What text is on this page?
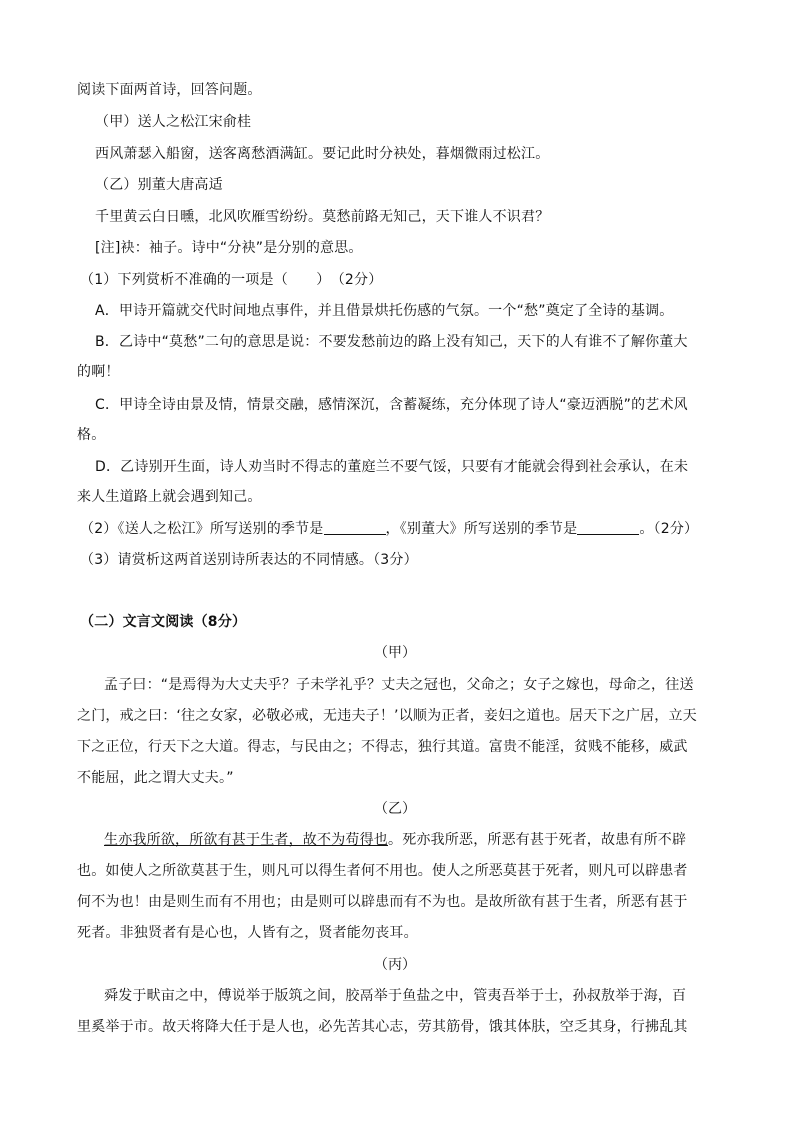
阅读下面两首诗，回答问题。
（甲）送人之松江宋俞桂
西风萧瑟入船窗，送客离愁酒满缸。要记此时分袂处，暮烟微雨过松江。
（乙）别董大唐高适
千里黄云白日曛，北风吹雁雪纷纷。莫愁前路无知己，天下谁人不识君？
[注]袂：袖子。诗中“分袂”是分别的意思。
（1）下列赏析不准确的一项是（　　）　（2分）
A．甲诗开篇就交代时间地点事件，并且借景烘托伤感的气氛。一个“愁”奠定了全诗的基调。
B．乙诗中“莫愁”二句的意思是说：不要发愁前边的路上没有知己，天下的人有谁不了解你董大
的啊！
C．甲诗全诗由景及情，情景交融，感情深沉，含蓄凝练，充分体现了诗人“豪迈洒脱”的艺术风
格。
D．乙诗别开生面，诗人劝当时不得志的董庭兰不要气馁，只要有才能就会得到社会承认，在未
来人生道路上就会遇到知己。
（2）《送人之松江》所写送别的季节是	，《别董大》所写送别的季节是	。（2分）
（3）请赏析这两首送别诗所表达的不同情感。（3分）
（二）文言文阅读（8分）
（甲）
孟子曰：“是焉得为大丈夫乎？子未学礼乎？丈夫之冠也，父命之；女子之嫁也，母命之，往送
之门，戒之曰：‘往之女家，必敬必戒，无违夫子！’以顺为正者，妾妇之道也。居天下之广居，立天
下之正位，行天下之大道。得志，与民由之；不得志，独行其道。富贵不能淫，贫贱不能移，威武
不能屈，此之谓大丈夫。”
（乙）
生亦我所欲，所欲有甚于生者，故不为苟得也。死亦我所恶，所恶有甚于死者，故患有所不辟
也。如使人之所欲莫甚于生，则凡可以得生者何不用也。使人之所恶莫甚于死者，则凡可以辟患者
何不为也！由是则生而有不用也；由是则可以辟患而有不为也。是故所欲有甚于生者，所恶有甚于
死者。非独贤者有是心也，人皆有之，贤者能勿丧耳。
（丙）
舜发于畎亩之中，傅说举于版筑之间，胶鬲举于鱼盐之中，管夷吾举于士，孙叔敖举于海，百
里奚举于市。故天将降大任于是人也，必先苦其心志，劳其筋骨，饿其体肤，空乏其身，行拂乱其
